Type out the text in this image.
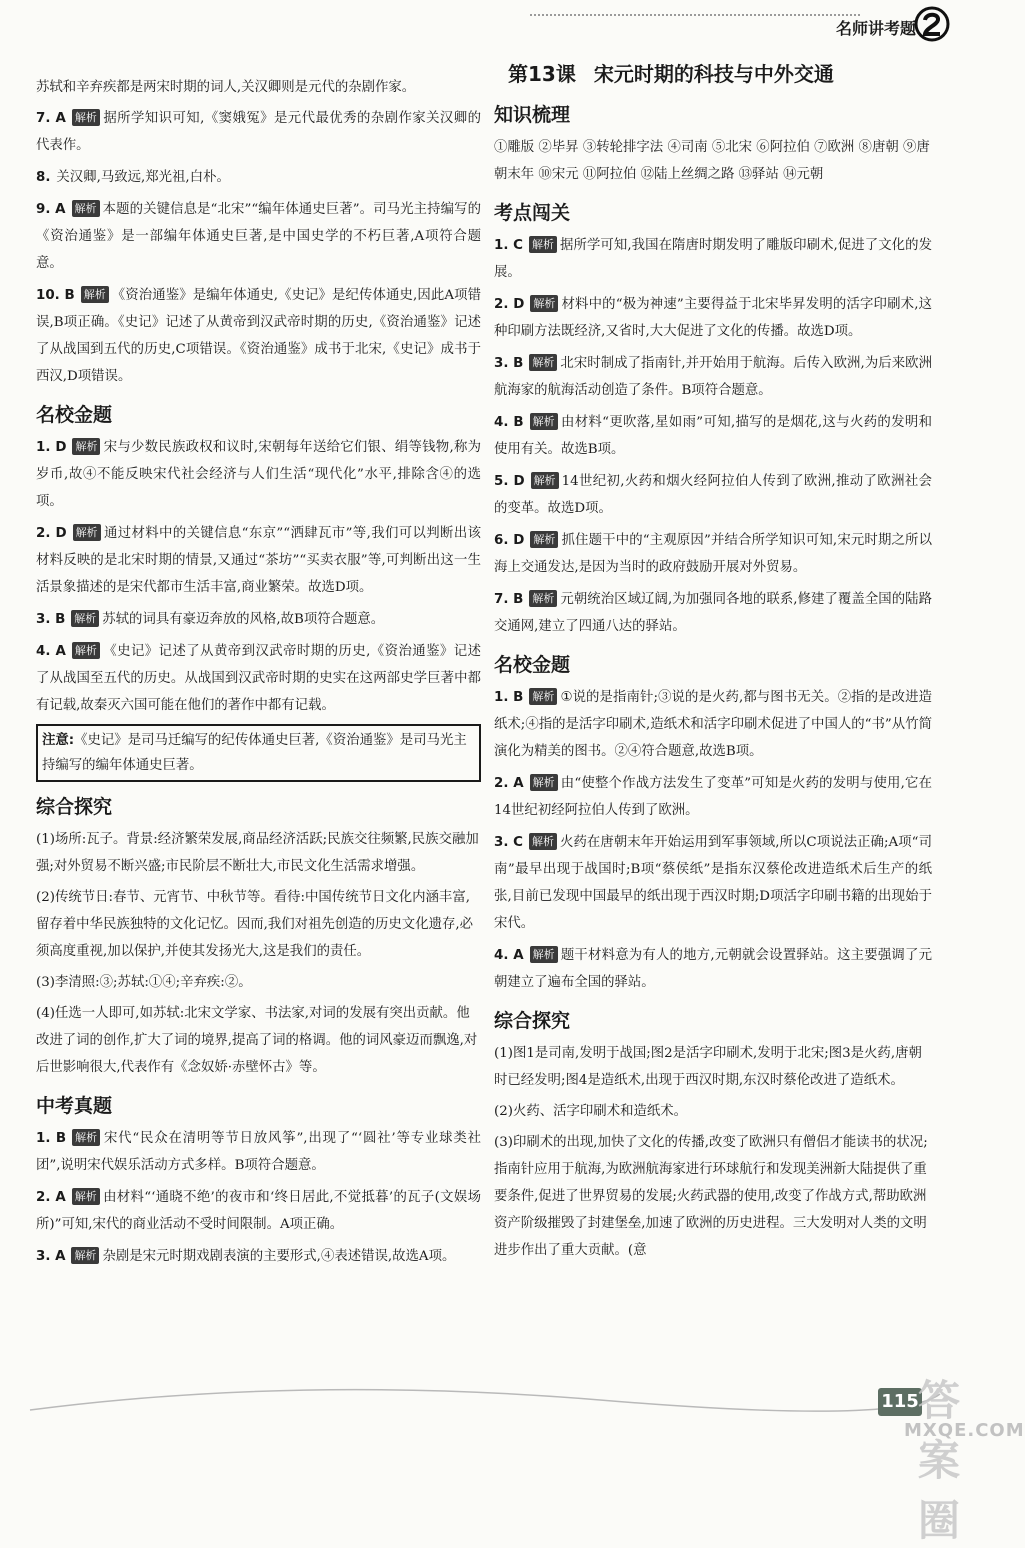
名师讲考题
苏轼和辛弃疾都是两宋时期的词人,关汉卿则是元代的杂剧作家。
7. A 解析 据所学知识可知,《窦娥冤》是元代最优秀的杂剧作家关汉卿的代表作。
8. 关汉卿,马致远,郑光祖,白朴。
9. A 解析 本题的关键信息是“北宋”“编年体通史巨著”。司马光主持编写的《资治通鉴》是一部编年体通史巨著,是中国史学的不朽巨著,A项符合题意。
10. B 解析 《资治通鉴》是编年体通史,《史记》是纪传体通史,因此A项错误,B项正确。《史记》记述了从黄帝到汉武帝时期的历史,《资治通鉴》记述了从战国到五代的历史,C项错误。《资治通鉴》成书于北宋,《史记》成书于西汉,D项错误。
名校金题
1. D 解析 宋与少数民族政权和议时,宋朝每年送给它们银、绢等钱物,称为岁币,故④不能反映宋代社会经济与人们生活“现代化”水平,排除含④的选项。
2. D 解析 通过材料中的关键信息“东京”“洒肆瓦市”等,我们可以判断出该材料反映的是北宋时期的情景,又通过“茶坊”“买卖衣服”等,可判断出这一生活景象描述的是宋代都市生活丰富,商业繁荣。故选D项。
3. B 解析 苏轼的词具有豪迈奔放的风格,故B项符合题意。
4. A 解析 《史记》记述了从黄帝到汉武帝时期的历史,《资治通鉴》记述了从战国至五代的历史。从战国到汉武帝时期的史实在这两部史学巨著中都有记载,故秦灭六国可能在他们的著作中都有记载。
注意:《史记》是司马迁编写的纪传体通史巨著,《资治通鉴》是司马光主持编写的编年体通史巨著。
综合探究
(1)场所:瓦子。背景:经济繁荣发展,商品经济活跃;民族交往频繁,民族交融加强;对外贸易不断兴盛;市民阶层不断壮大,市民文化生活需求增强。
(2)传统节日:春节、元宵节、中秋节等。看待:中国传统节日文化内涵丰富,留存着中华民族独特的文化记忆。因而,我们对祖先创造的历史文化遗存,必须高度重视,加以保护,并使其发扬光大,这是我们的责任。
(3)李清照:③;苏轼:①④;辛弃疾:②。
(4)任选一人即可,如苏轼:北宋文学家、书法家,对词的发展有突出贡献。他改进了词的创作,扩大了词的境界,提高了词的格调。他的词风豪迈而飘逸,对后世影响很大,代表作有《念奴娇·赤壁怀古》等。
中考真题
1. B 解析 宋代“民众在清明等节日放风筝”,出现了“‘圆社’等专业球类社团”,说明宋代娱乐活动方式多样。B项符合题意。
2. A 解析 由材料“‘通晓不绝’的夜市和‘终日居此,不觉抵暮’的瓦子(文娱场所)”可知,宋代的商业活动不受时间限制。A项正确。
3. A 解析 杂剧是宋元时期戏剧表演的主要形式,④表述错误,故选A项。
第13课 宋元时期的科技与中外交通
知识梳理
①雕版 ②毕昇 ③转轮排字法 ④司南 ⑤北宋 ⑥阿拉伯 ⑦欧洲 ⑧唐朝 ⑨唐朝末年 ⑩宋元 ⑪阿拉伯 ⑫陆上丝绸之路 ⑬驿站 ⑭元朝
考点闯关
1. C 解析 据所学可知,我国在隋唐时期发明了雕版印刷术,促进了文化的发展。
2. D 解析 材料中的“极为神速”主要得益于北宋毕昇发明的活字印刷术,这种印刷方法既经济,又省时,大大促进了文化的传播。故选D项。
3. B 解析 北宋时制成了指南针,并开始用于航海。后传入欧洲,为后来欧洲航海家的航海活动创造了条件。B项符合题意。
4. B 解析 由材料“更吹落,星如雨”可知,描写的是烟花,这与火药的发明和使用有关。故选B项。
5. D 解析 14世纪初,火药和烟火经阿拉伯人传到了欧洲,推动了欧洲社会的变革。故选D项。
6. D 解析 抓住题干中的“主观原因”并结合所学知识可知,宋元时期之所以海上交通发达,是因为当时的政府鼓励开展对外贸易。
7. B 解析 元朝统治区域辽阔,为加强同各地的联系,修建了覆盖全国的陆路交通网,建立了四通八达的驿站。
名校金题
1. B 解析 ①说的是指南针;③说的是火药,都与图书无关。②指的是改进造纸术;④指的是活字印刷术,造纸术和活字印刷术促进了中国人的“书”从竹简演化为精美的图书。②④符合题意,故选B项。
2. A 解析 由“使整个作战方法发生了变革”可知是火药的发明与使用,它在14世纪初经阿拉伯人传到了欧洲。
3. C 解析 火药在唐朝末年开始运用到军事领域,所以C项说法正确;A项“司南”最早出现于战国时;B项“蔡侯纸”是指东汉蔡伦改进造纸术后生产的纸张,目前已发现中国最早的纸出现于西汉时期;D项活字印刷书籍的出现始于宋代。
4. A 解析 题干材料意为有人的地方,元朝就会设置驿站。这主要强调了元朝建立了遍布全国的驿站。
综合探究
(1)图1是司南,发明于战国;图2是活字印刷术,发明于北宋;图3是火药,唐朝时已经发明;图4是造纸术,出现于西汉时期,东汉时蔡伦改进了造纸术。
(2)火药、活字印刷术和造纸术。
(3)印刷术的出现,加快了文化的传播,改变了欧洲只有僧侣才能读书的状况;指南针应用于航海,为欧洲航海家进行环球航行和发现美洲新大陆提供了重要条件,促进了世界贸易的发展;火药武器的使用,改变了作战方式,帮助欧洲资产阶级摧毁了封建堡垒,加速了欧洲的历史进程。三大发明对人类的文明进步作出了重大贡献。(意
115 答案圈
MXQE.COM
